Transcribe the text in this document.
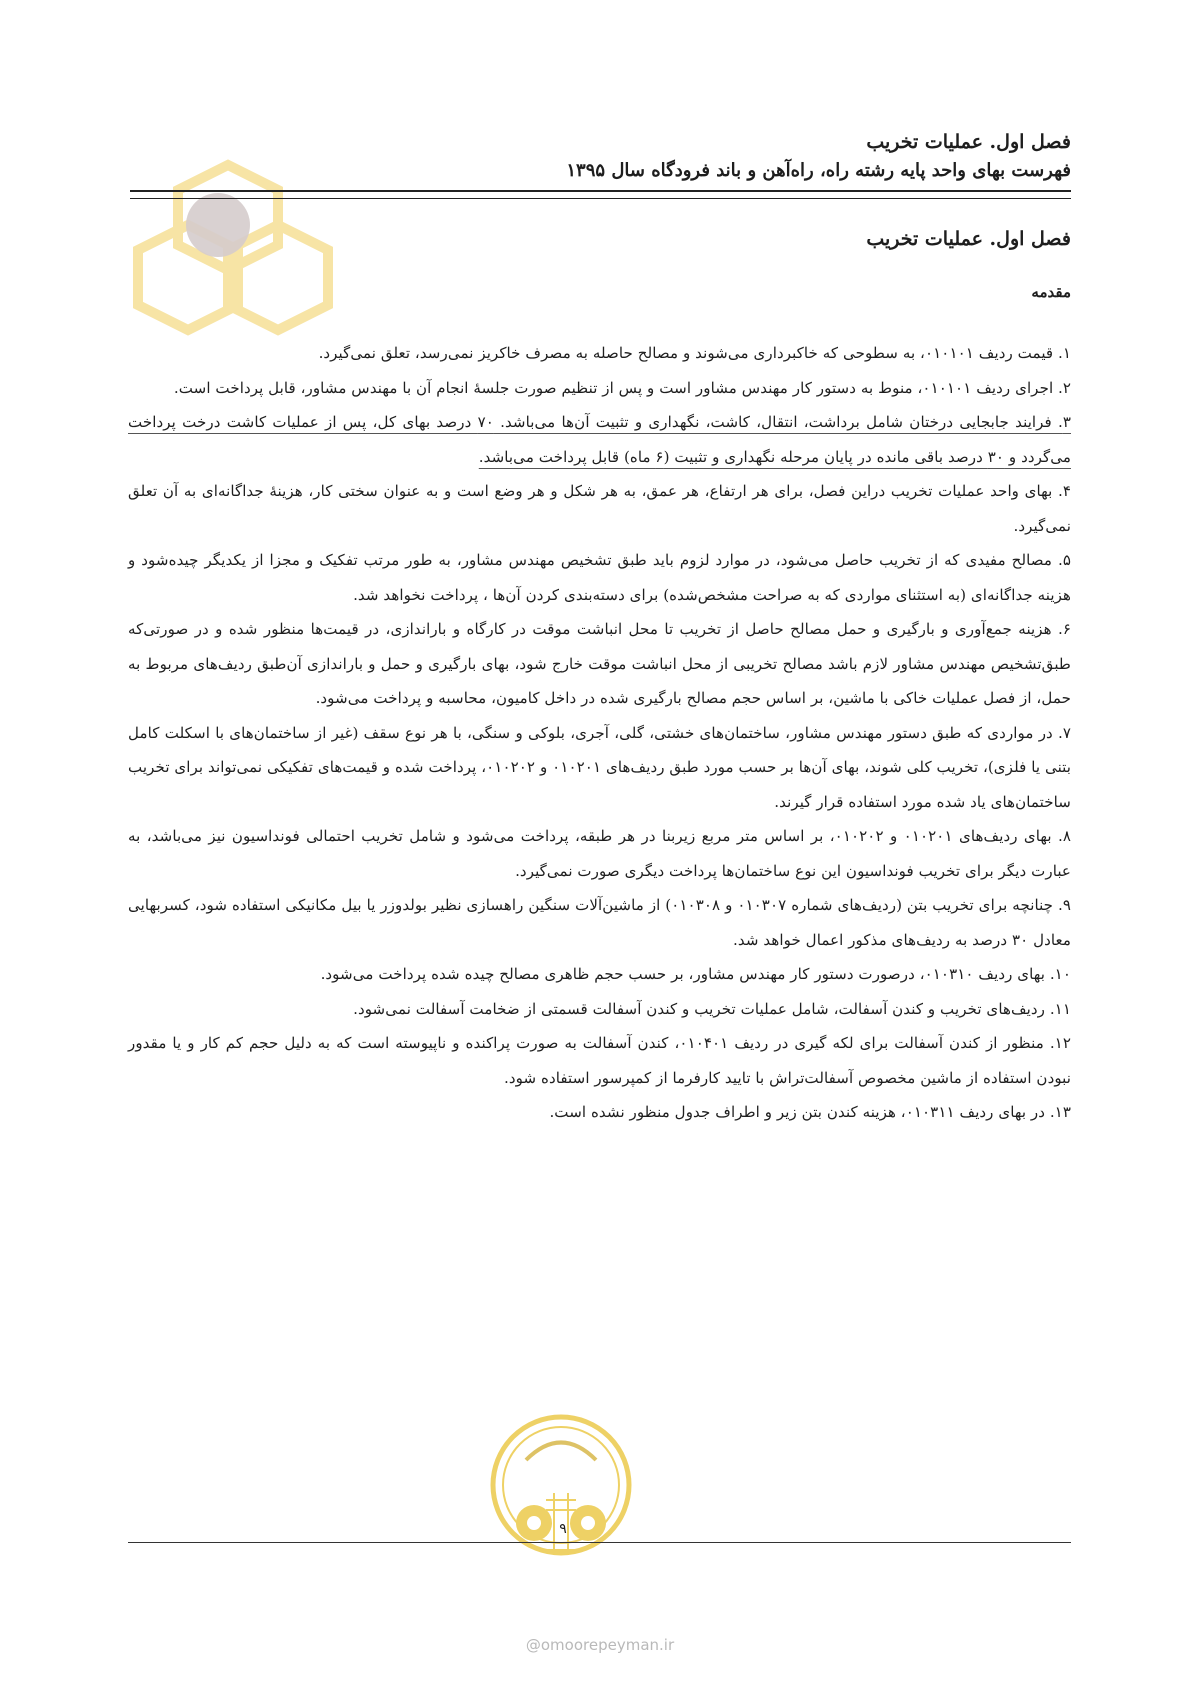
فصل اول. عملیات تخریب
فهرست بهای واحد پایه رشته راه، راه‌آهن و باند فرودگاه سال ۱۳۹۵
فصل اول. عملیات تخریب
مقدمه

۱. قیمت ردیف ۰۱۰۱۰۱، به سطوحی که خاکبرداری می‌شوند و مصالح حاصله به مصرف خاکریز نمی‌رسد، تعلق نمی‌گیرد.

۲. اجرای ردیف ۰۱۰۱۰۱، منوط به دستور کار مهندس مشاور است و پس از تنظیم صورت جلسهٔ انجام آن با مهندس مشاور، قابل پرداخت است.

۳. فرایند جابجایی درختان شامل برداشت، انتقال، کاشت، نگهداری و تثبیت آن‌ها می‌باشد. ۷۰ درصد بهای کل، پس از عملیات کاشت درخت پرداخت می‌گردد و ۳۰ درصد باقی مانده در پایان مرحله نگهداری و تثبیت (۶ ماه) قابل پرداخت می‌باشد.

۴. بهای واحد عملیات تخریب دراین فصل، برای هر ارتفاع، هر عمق، به هر شکل و هر وضع است و به عنوان سختی کار، هزینهٔ جداگانه‌ای به آن تعلق نمی‌گیرد.

۵. مصالح مفیدی که از تخریب حاصل می‌شود، در موارد لزوم باید طبق تشخیص مهندس مشاور، به طور مرتب تفکیک و مجزا از یکدیگر چیده‌شود و هزینه جداگانه‌ای (به استثنای مواردی که به صراحت مشخص‌شده) برای دسته‌بندی کردن آن‌ها ، پرداخت نخواهد شد.

۶. هزینه جمع‌آوری و بارگیری و حمل مصالح حاصل از تخریب تا محل انباشت موقت در کارگاه و باراندازی، در قیمت‌ها منظور شده و در صورتی‌که طبق‌تشخیص مهندس مشاور لازم باشد مصالح تخریبی از محل انباشت موقت خارج شود، بهای بارگیری و حمل و باراندازی آن‌طبق ردیف‌های مربوط به حمل، از فصل عملیات خاکی با ماشین، بر اساس حجم مصالح بارگیری شده در داخل کامیون، محاسبه و پرداخت می‌شود.

۷. در مواردی که طبق دستور مهندس مشاور، ساختمان‌های خشتی، گلی، آجری، بلوکی و سنگی، با هر نوع سقف (غیر از ساختمان‌های با اسکلت کامل بتنی یا فلزی)، تخریب کلی شوند، بهای آن‌ها بر حسب مورد طبق ردیف‌های ۰۱۰۲۰۱ و ۰۱۰۲۰۲، پرداخت شده و قیمت‌های تفکیکی نمی‌تواند برای تخریب ساختمان‌های یاد شده مورد استفاده قرار گیرند.

۸. بهای ردیف‌های ۰۱۰۲۰۱ و ۰۱۰۲۰۲، بر اساس متر مربع زیربنا در هر طبقه، پرداخت می‌شود و شامل تخریب احتمالی فونداسیون نیز می‌باشد، به عبارت دیگر برای تخریب فونداسیون این نوع ساختمان‌ها پرداخت دیگری صورت نمی‌گیرد.

۹. چنانچه برای تخریب بتن (ردیف‌های شماره ۰۱۰۳۰۷ و ۰۱۰۳۰۸) از ماشین‌آلات سنگین راهسازی نظیر بولدوزر یا بیل مکانیکی استفاده شود، کسربهایی معادل ۳۰ درصد به ردیف‌های مذکور اعمال خواهد شد.

۱۰. بهای ردیف ۰۱۰۳۱۰، درصورت دستور کار مهندس مشاور، بر حسب حجم ظاهری مصالح چیده شده پرداخت می‌شود.

۱۱. ردیف‌های تخریب و کندن آسفالت، شامل عملیات تخریب و کندن آسفالت قسمتی از ضخامت آسفالت نمی‌شود.

۱۲. منظور از کندن آسفالت برای لکه گیری در ردیف ۰۱۰۴۰۱، کندن آسفالت به صورت پراکنده و ناپیوسته است که به دلیل حجم کم کار و یا مقدور نبودن استفاده از ماشین مخصوص آسفالت‌تراش با تایید کارفرما از کمپرسور استفاده شود.

۱۳. در بهای ردیف ۰۱۰۳۱۱، هزینه کندن بتن زیر و اطراف جدول منظور نشده است.

۹
@omoorepeyman.ir
